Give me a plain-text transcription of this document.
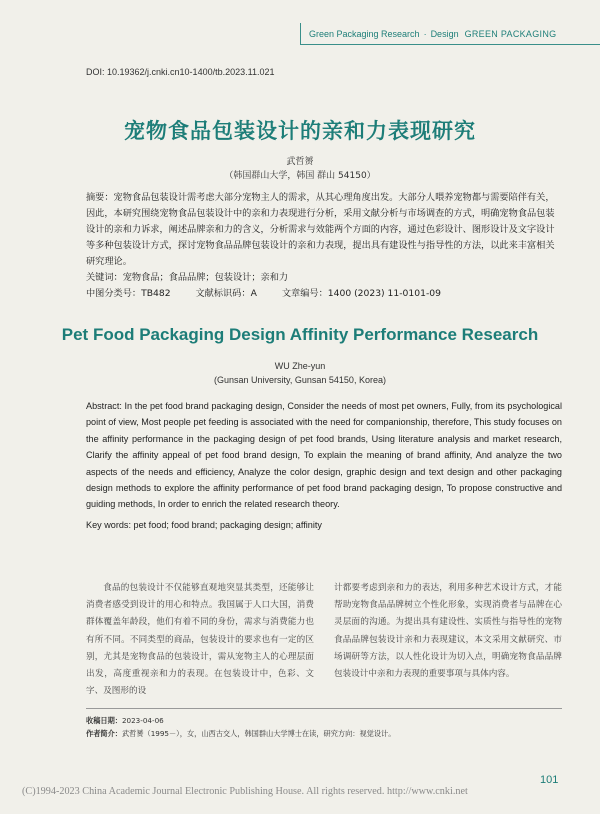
Green Packaging Research · Design GREEN PACKAGING
DOI: 10.19362/j.cnki.cn10-1400/tb.2023.11.021
宠物食品包装设计的亲和力表现研究
武哲赟
（韩国群山大学，韩国 群山 54150）

摘要：宠物食品包装设计需考虑大部分宠物主人的需求，从其心理角度出发。大部分人喂养宠物都与需要陪伴有关，因此，本研究围绕宠物食品包装设计中的亲和力表现进行分析，采用文献分析与市场调查的方式，明确宠物食品包装设计的亲和力诉求，阐述品牌亲和力的含义，分析需求与效能两个方面的内容，通过色彩设计、图形设计及文字设计等多种包装设计方式，探讨宠物食品品牌包装设计的亲和力表现，提出具有建设性与指导性的方法，以此来丰富相关研究理论。

关键词：宠物食品；食品品牌；包装设计；亲和力
中图分类号：TB482	文献标识码：A	文章编号：1400 (2023) 11-0101-09
Pet Food Packaging Design Affinity Performance Research
WU Zhe-yun
(Gunsan University, Gunsan 54150, Korea)

Abstract: In the pet food brand packaging design, Consider the needs of most pet owners, Fully, from its psychological point of view, Most people pet feeding is associated with the need for companionship, therefore, This study focuses on the affinity performance in the packaging design of pet food brands, Using literature analysis and market research, Clarify the affinity appeal of pet food brand design, To explain the meaning of brand affinity, And analyze the two aspects of the needs and efficiency, Analyze the color design, graphic design and text design and other packaging design methods to explore the affinity performance of pet food brand packaging design, To propose constructive and guiding methods, In order to enrich the related research theory.

Key words: pet food; food brand; packaging design; affinity

食品的包装设计不仅能够直观地突显其类型，还能够让消费者感受到设计的用心和特点。我国属于人口大国，消费群体覆盖年龄段，他们有着不同的身份，需求与消费能力也有所不同。不同类型的商品，包装设计的要求也有一定的区别，尤其是宠物食品的包装设计，需从宠物主人的心理层面出发，高度重视亲和力的表现。在包装设计中，色彩、文字、及图形的设

计都要考虑到亲和力的表达，利用多种艺术设计方式，才能帮助宠物食品品牌树立个性化形象，实现消费者与品牌在心灵层面的沟通。为提出具有建设性、实质性与指导性的宠物食品品牌包装设计亲和力表现建议，本文采用文献研究、市场调研等方法，以人性化设计为切入点，明确宠物食品品牌包装设计中亲和力表现的重要事项与具体内容。

收稿日期：2023-04-06
作者简介：武哲赟（1995－），女，山西古交人，韩国群山大学博士在读，研究方向：视觉设计。
101
(C)1994-2023 China Academic Journal Electronic Publishing House. All rights reserved. http://www.cnki.net
